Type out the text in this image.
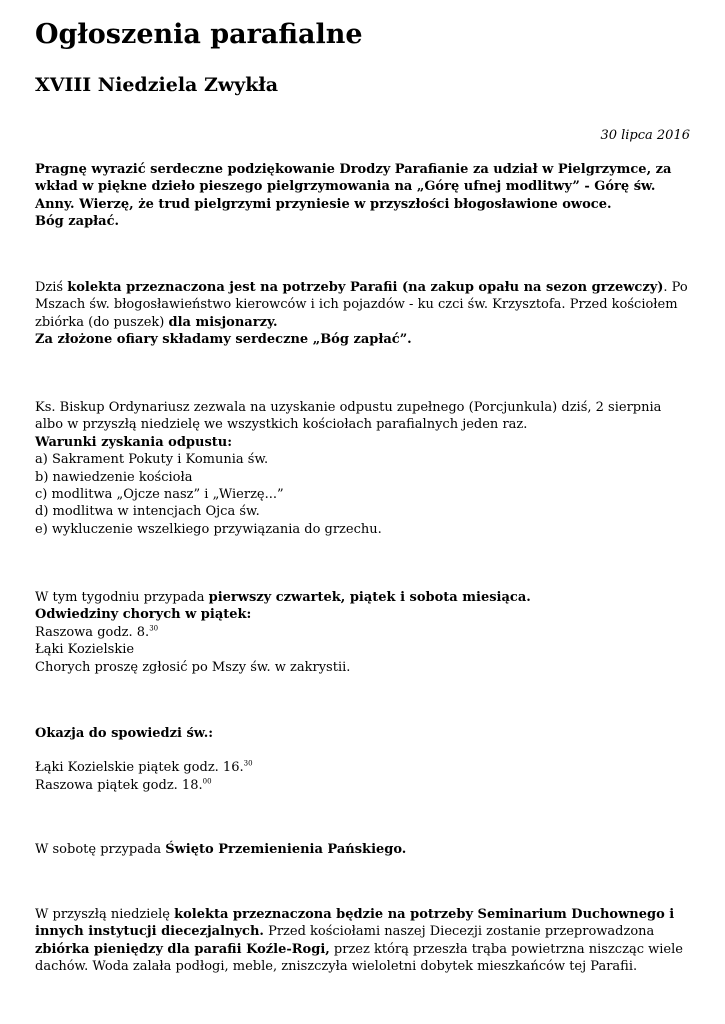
Ogłoszenia parafialne
XVIII Niedziela Zwykła
30 lipca 2016

Pragnę wyrazić serdeczne podziękowanie Drodzy Parafianie za udział w Pielgrzymce, za wkład w piękne dzieło pieszego pielgrzymowania na „Górę ufnej modlitwy” - Górę św. Anny. Wierzę, że trud pielgrzymi przyniesie w przyszłości błogosławione owoce.

Bóg zapłać.

Dziś kolekta przeznaczona jest na potrzeby Parafii (na zakup opału na sezon grzewczy). Po Mszach św. błogosławieństwo kierowców i ich pojazdów - ku czci św. Krzysztofa. Przed kościołem zbiórka (do puszek) dla misjonarzy.

Za złożone ofiary składamy serdeczne „Bóg zapłać”.

Ks. Biskup Ordynariusz zezwala na uzyskanie odpustu zupełnego (Porcjunkula) dziś, 2 sierpnia albo w przyszłą niedzielę we wszystkich kościołach parafialnych jeden raz.

Warunki zyskania odpustu:

a) Sakrament Pokuty i Komunia św.

b) nawiedzenie kościoła

c) modlitwa „Ojcze nasz” i „Wierzę...”

d) modlitwa w intencjach Ojca św.

e) wykluczenie wszelkiego przywiązania do grzechu.

W tym tygodniu przypada pierwszy czwartek, piątek i sobota miesiąca.

Odwiedziny chorych w piątek:

Raszowa godz. 8.30

Łąki Kozielskie

Chorych proszę zgłosić po Mszy św. w zakrystii.

Okazja do spowiedzi św.:

Łąki Kozielskie piątek godz. 16.30

Raszowa piątek godz. 18.00

W sobotę przypada Święto Przemienienia Pańskiego.

W przyszłą niedzielę kolekta przeznaczona będzie na potrzeby Seminarium Duchownego i innych instytucji diecezjalnych. Przed kościołami naszej Diecezji zostanie przeprowadzona zbiórka pieniędzy dla parafii Koźle-Rogi, przez którą przeszła trąba powietrzna niszcząc wiele dachów. Woda zalała podłogi, meble, zniszczyła wieloletni dobytek mieszkańców tej Parafii.
